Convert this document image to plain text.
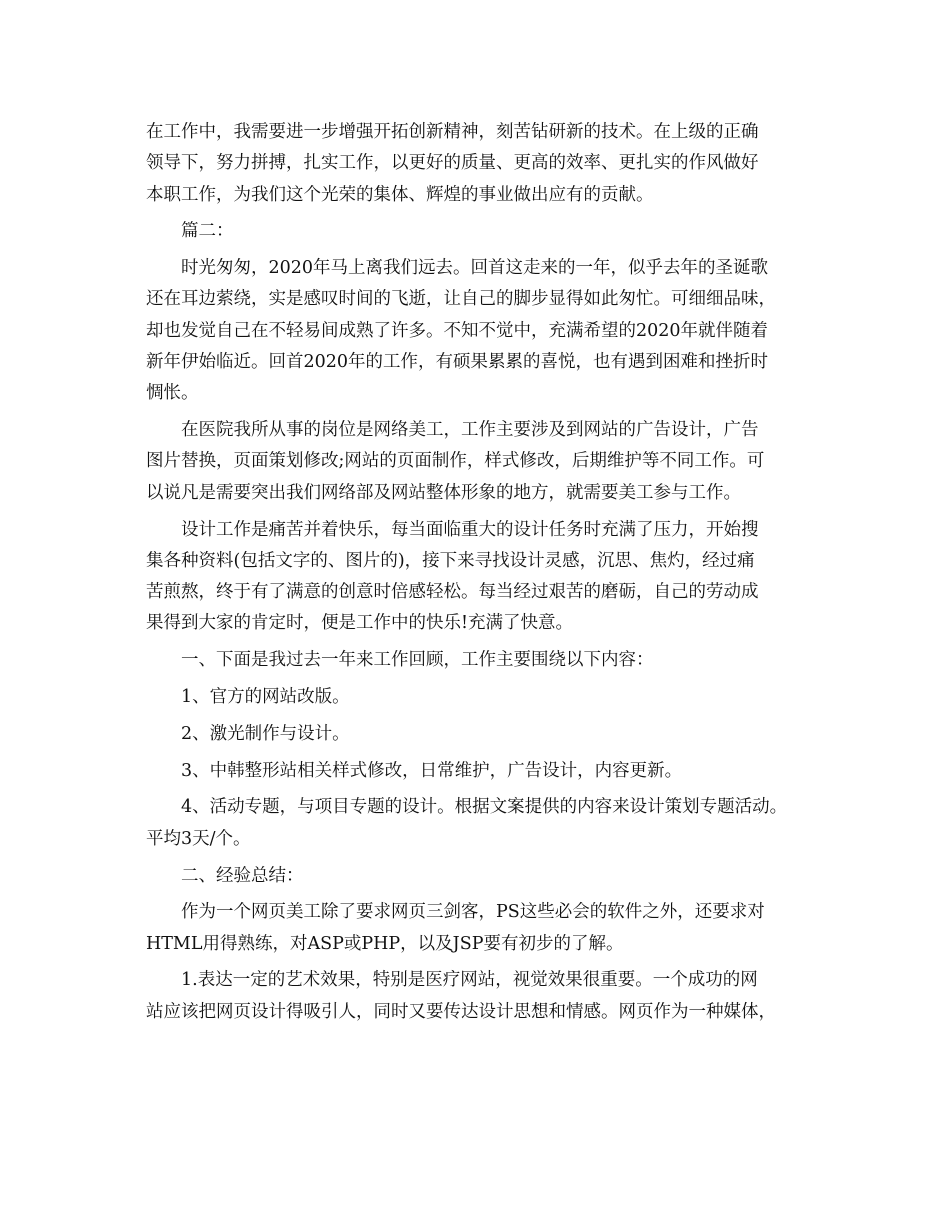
在工作中，我需要进一步增强开拓创新精神，刻苦钻研新的技术。在上级的正确
领导下，努力拼搏，扎实工作，以更好的质量、更高的效率、更扎实的作风做好
本职工作，为我们这个光荣的集体、辉煌的事业做出应有的贡献。
篇二：
时光匆匆，2020年马上离我们远去。回首这走来的一年，似乎去年的圣诞歌
还在耳边萦绕，实是感叹时间的飞逝，让自己的脚步显得如此匆忙。可细细品味，
却也发觉自己在不轻易间成熟了许多。不知不觉中，充满希望的2020年就伴随着
新年伊始临近。回首2020年的工作，有硕果累累的喜悦，也有遇到困难和挫折时
惆怅。
在医院我所从事的岗位是网络美工，工作主要涉及到网站的广告设计，广告
图片替换，页面策划修改;网站的页面制作，样式修改，后期维护等不同工作。可
以说凡是需要突出我们网络部及网站整体形象的地方，就需要美工参与工作。
设计工作是痛苦并着快乐，每当面临重大的设计任务时充满了压力，开始搜
集各种资料(包括文字的、图片的)，接下来寻找设计灵感，沉思、焦灼，经过痛
苦煎熬，终于有了满意的创意时倍感轻松。每当经过艰苦的磨砺，自己的劳动成
果得到大家的肯定时，便是工作中的快乐!充满了快意。
一、下面是我过去一年来工作回顾，工作主要围绕以下内容：
1、官方的网站改版。
2、激光制作与设计。
3、中韩整形站相关样式修改，日常维护，广告设计，内容更新。
4、活动专题，与项目专题的设计。根据文案提供的内容来设计策划专题活动。
平均3天/个。
二、经验总结：
作为一个网页美工除了要求网页三剑客，PS这些必会的软件之外，还要求对
HTML用得熟练，对ASP或PHP，以及JSP要有初步的了解。
1.表达一定的艺术效果，特别是医疗网站，视觉效果很重要。一个成功的网
站应该把网页设计得吸引人，同时又要传达设计思想和情感。网页作为一种媒体，
